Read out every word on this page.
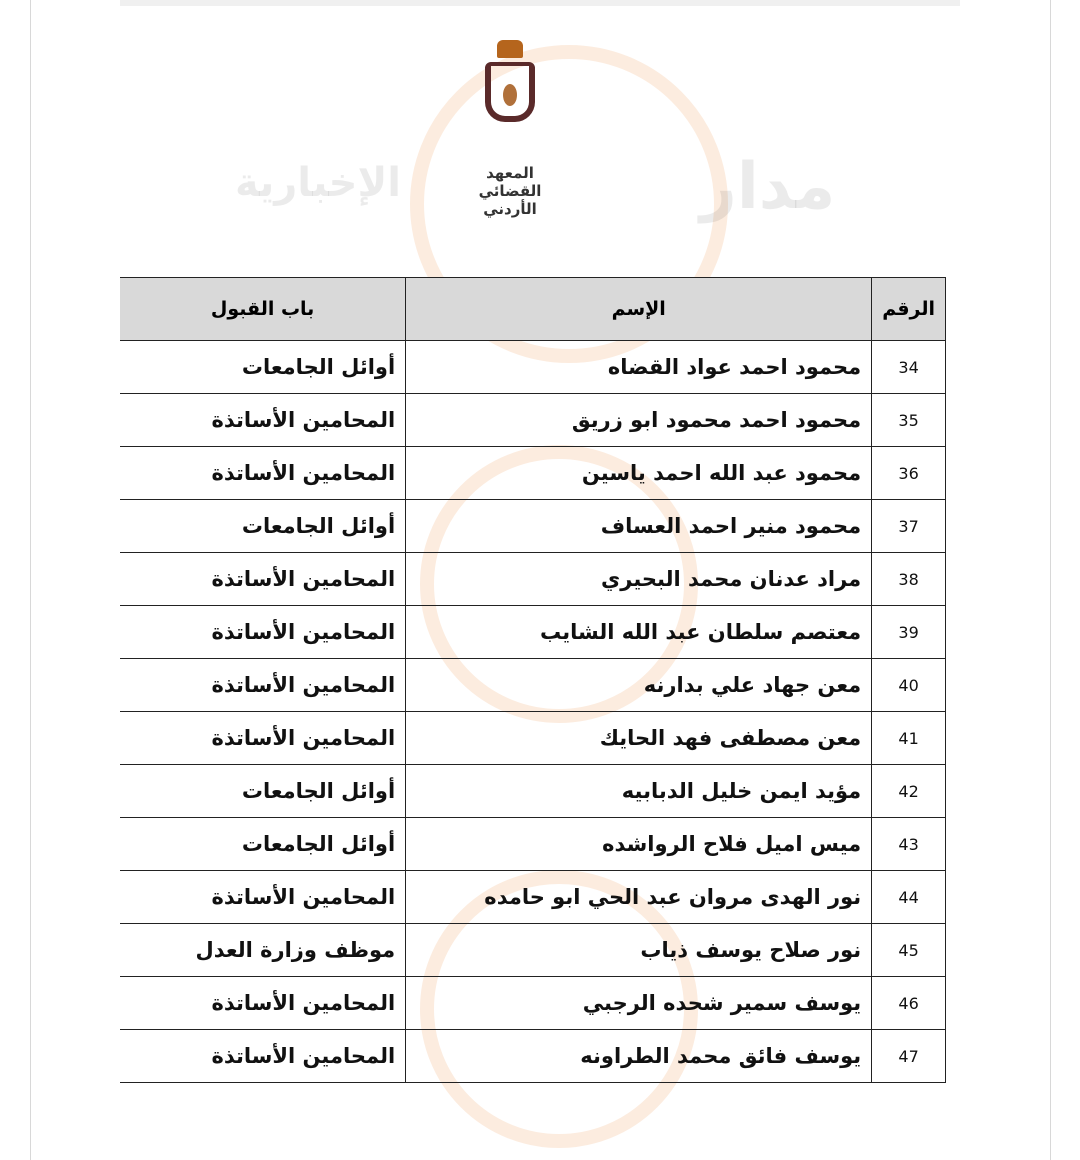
مدار
الإخبارية	المعهد القضائي الأردني
الرقم	الإسم	باب القبول
34	محمود احمد عواد القضاه	أوائل الجامعات
35	محمود احمد محمود ابو زريق	المحامين الأساتذة
36	محمود عبد الله احمد ياسين	المحامين الأساتذة
37	محمود منير احمد العساف	أوائل الجامعات
38	مراد عدنان محمد البحيري	المحامين الأساتذة
39	معتصم سلطان عبد الله الشايب	المحامين الأساتذة
40	معن جهاد علي بدارنه	المحامين الأساتذة
41	معن مصطفى فهد الحايك	المحامين الأساتذة
42	مؤيد ايمن خليل الدبابيه	أوائل الجامعات
43	ميس اميل فلاح الرواشده	أوائل الجامعات
44	نور الهدى مروان عبد الحي ابو حامده	المحامين الأساتذة
45	نور صلاح يوسف ذياب	موظف وزارة العدل
46	يوسف سمير شحده الرجبي	المحامين الأساتذة
47	يوسف فائق محمد الطراونه	المحامين الأساتذة
